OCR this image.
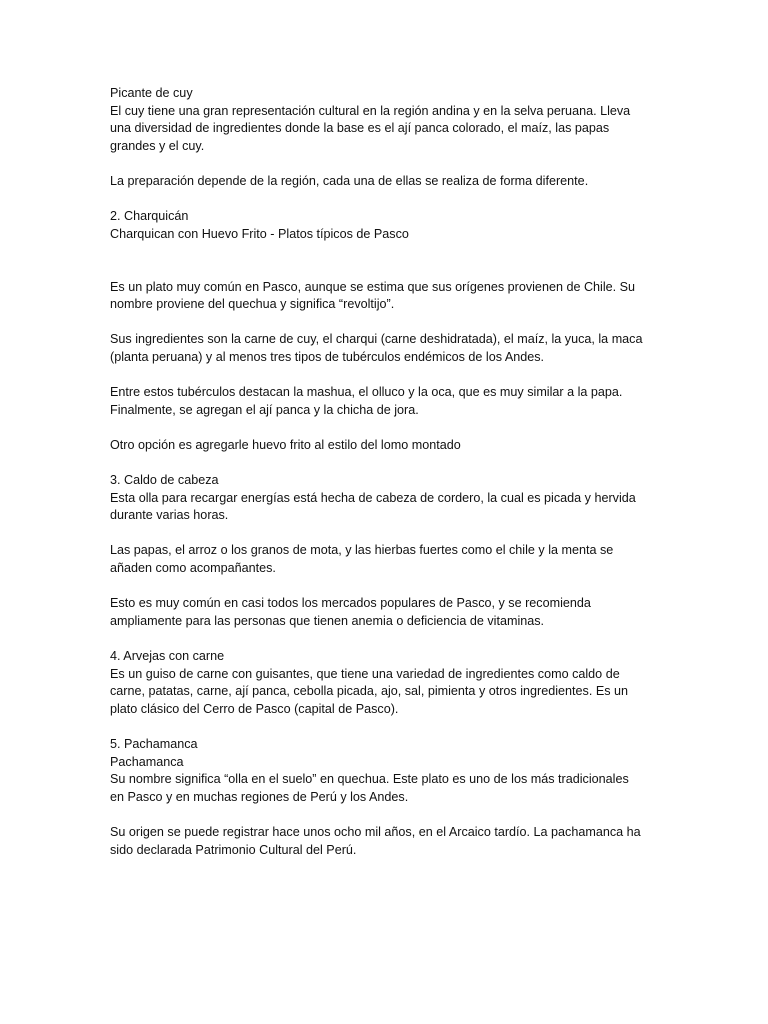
Picante de cuy

El cuy tiene una gran representación cultural en la región andina y en la selva peruana. Lleva

una diversidad de ingredientes donde la base es el ají panca colorado, el maíz, las papas

grandes y el cuy.

La preparación depende de la región, cada una de ellas se realiza de forma diferente.

2. Charquicán

Charquican con Huevo Frito - Platos típicos de Pasco

Es un plato muy común en Pasco, aunque se estima que sus orígenes provienen de Chile. Su

nombre proviene del quechua y significa “revoltijo”.

Sus ingredientes son la carne de cuy, el charqui (carne deshidratada), el maíz, la yuca, la maca

(planta peruana) y al menos tres tipos de tubérculos endémicos de los Andes.

Entre estos tubérculos destacan la mashua, el olluco y la oca, que es muy similar a la papa.

Finalmente, se agregan el ají panca y la chicha de jora.

Otro opción es agregarle huevo frito al estilo del lomo montado

3. Caldo de cabeza

Esta olla para recargar energías está hecha de cabeza de cordero, la cual es picada y hervida

durante varias horas.

Las papas, el arroz o los granos de mota, y las hierbas fuertes como el chile y la menta se

añaden como acompañantes.

Esto es muy común en casi todos los mercados populares de Pasco, y se recomienda

ampliamente para las personas que tienen anemia o deficiencia de vitaminas.

4. Arvejas con carne

Es un guiso de carne con guisantes, que tiene una variedad de ingredientes como caldo de

carne, patatas, carne, ají panca, cebolla picada, ajo, sal, pimienta y otros ingredientes. Es un

plato clásico del Cerro de Pasco (capital de Pasco).

5. Pachamanca

Pachamanca

Su nombre significa “olla en el suelo” en quechua. Este plato es uno de los más tradicionales

en Pasco y en muchas regiones de Perú y los Andes.

Su origen se puede registrar hace unos ocho mil años, en el Arcaico tardío. La pachamanca ha

sido declarada Patrimonio Cultural del Perú.
